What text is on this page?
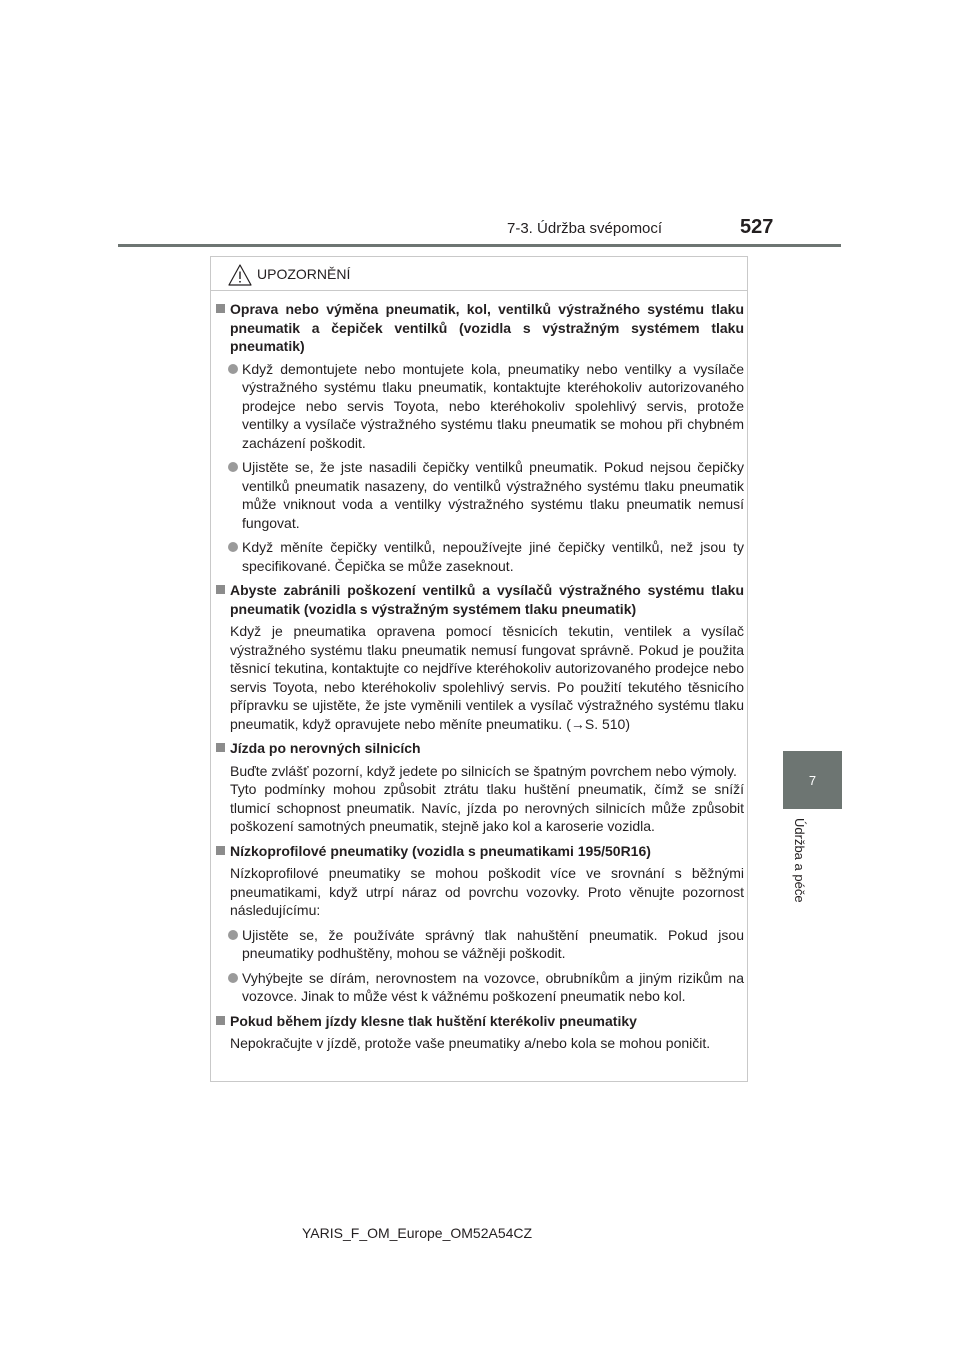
7-3. Údržba svépomocí	527
7
Údržba a péče
UPOZORNĚNÍ
Oprava nebo výměna pneumatik, kol, ventilků výstražného systému tlaku pneumatik a čepiček ventilků (vozidla s výstražným systémem tlaku pneumatik)
Když demontujete nebo montujete kola, pneumatiky nebo ventilky a vysílače výstražného systému tlaku pneumatik, kontaktujte kteréhokoliv autorizovaného prodejce nebo servis Toyota, nebo kteréhokoliv spolehlivý servis, protože ventilky a vysílače výstražného systému tlaku pneumatik se mohou při chybném zacházení poškodit.
Ujistěte se, že jste nasadili čepičky ventilků pneumatik. Pokud nejsou čepičky ventilků pneumatik nasazeny, do ventilků výstražného systému tlaku pneumatik může vniknout voda a ventilky výstražného systému tlaku pneumatik nemusí fungovat.
Když měníte čepičky ventilků, nepoužívejte jiné čepičky ventilků, než jsou ty specifikované. Čepička se může zaseknout.
Abyste zabránili poškození ventilků a vysílačů výstražného systému tlaku pneumatik (vozidla s výstražným systémem tlaku pneumatik)
Když je pneumatika opravena pomocí těsnicích tekutin, ventilek a vysílač výstražného systému tlaku pneumatik nemusí fungovat správně. Pokud je použita těsnicí tekutina, kontaktujte co nejdříve kteréhokoliv autorizovaného prodejce nebo servis Toyota, nebo kteréhokoliv spolehlivý servis. Po použití tekutého těsnicího přípravku se ujistěte, že jste vyměnili ventilek a vysílač výstražného systému tlaku pneumatik, když opravujete nebo měníte pneumatiku. (→S. 510)
Jízda po nerovných silnicích
Buďte zvlášť pozorní, když jedete po silnicích se špatným povrchem nebo výmoly.
Tyto podmínky mohou způsobit ztrátu tlaku huštění pneumatik, čímž se sníží tlumicí schopnost pneumatik. Navíc, jízda po nerovných silnicích může způsobit poškození samotných pneumatik, stejně jako kol a karoserie vozidla.
Nízkoprofilové pneumatiky (vozidla s pneumatikami 195/50R16)
Nízkoprofilové pneumatiky se mohou poškodit více ve srovnání s běžnými pneumatikami, když utrpí náraz od povrchu vozovky. Proto věnujte pozornost následujícímu:
Ujistěte se, že používáte správný tlak nahuštění pneumatik. Pokud jsou pneumatiky podhuštěny, mohou se vážněji poškodit.
Vyhýbejte se dírám, nerovnostem na vozovce, obrubníkům a jiným rizikům na vozovce. Jinak to může vést k vážnému poškození pneumatik nebo kol.
Pokud během jízdy klesne tlak huštění kterékoliv pneumatiky
Nepokračujte v jízdě, protože vaše pneumatiky a/nebo kola se mohou poničit.
YARIS_F_OM_Europe_OM52A54CZ
